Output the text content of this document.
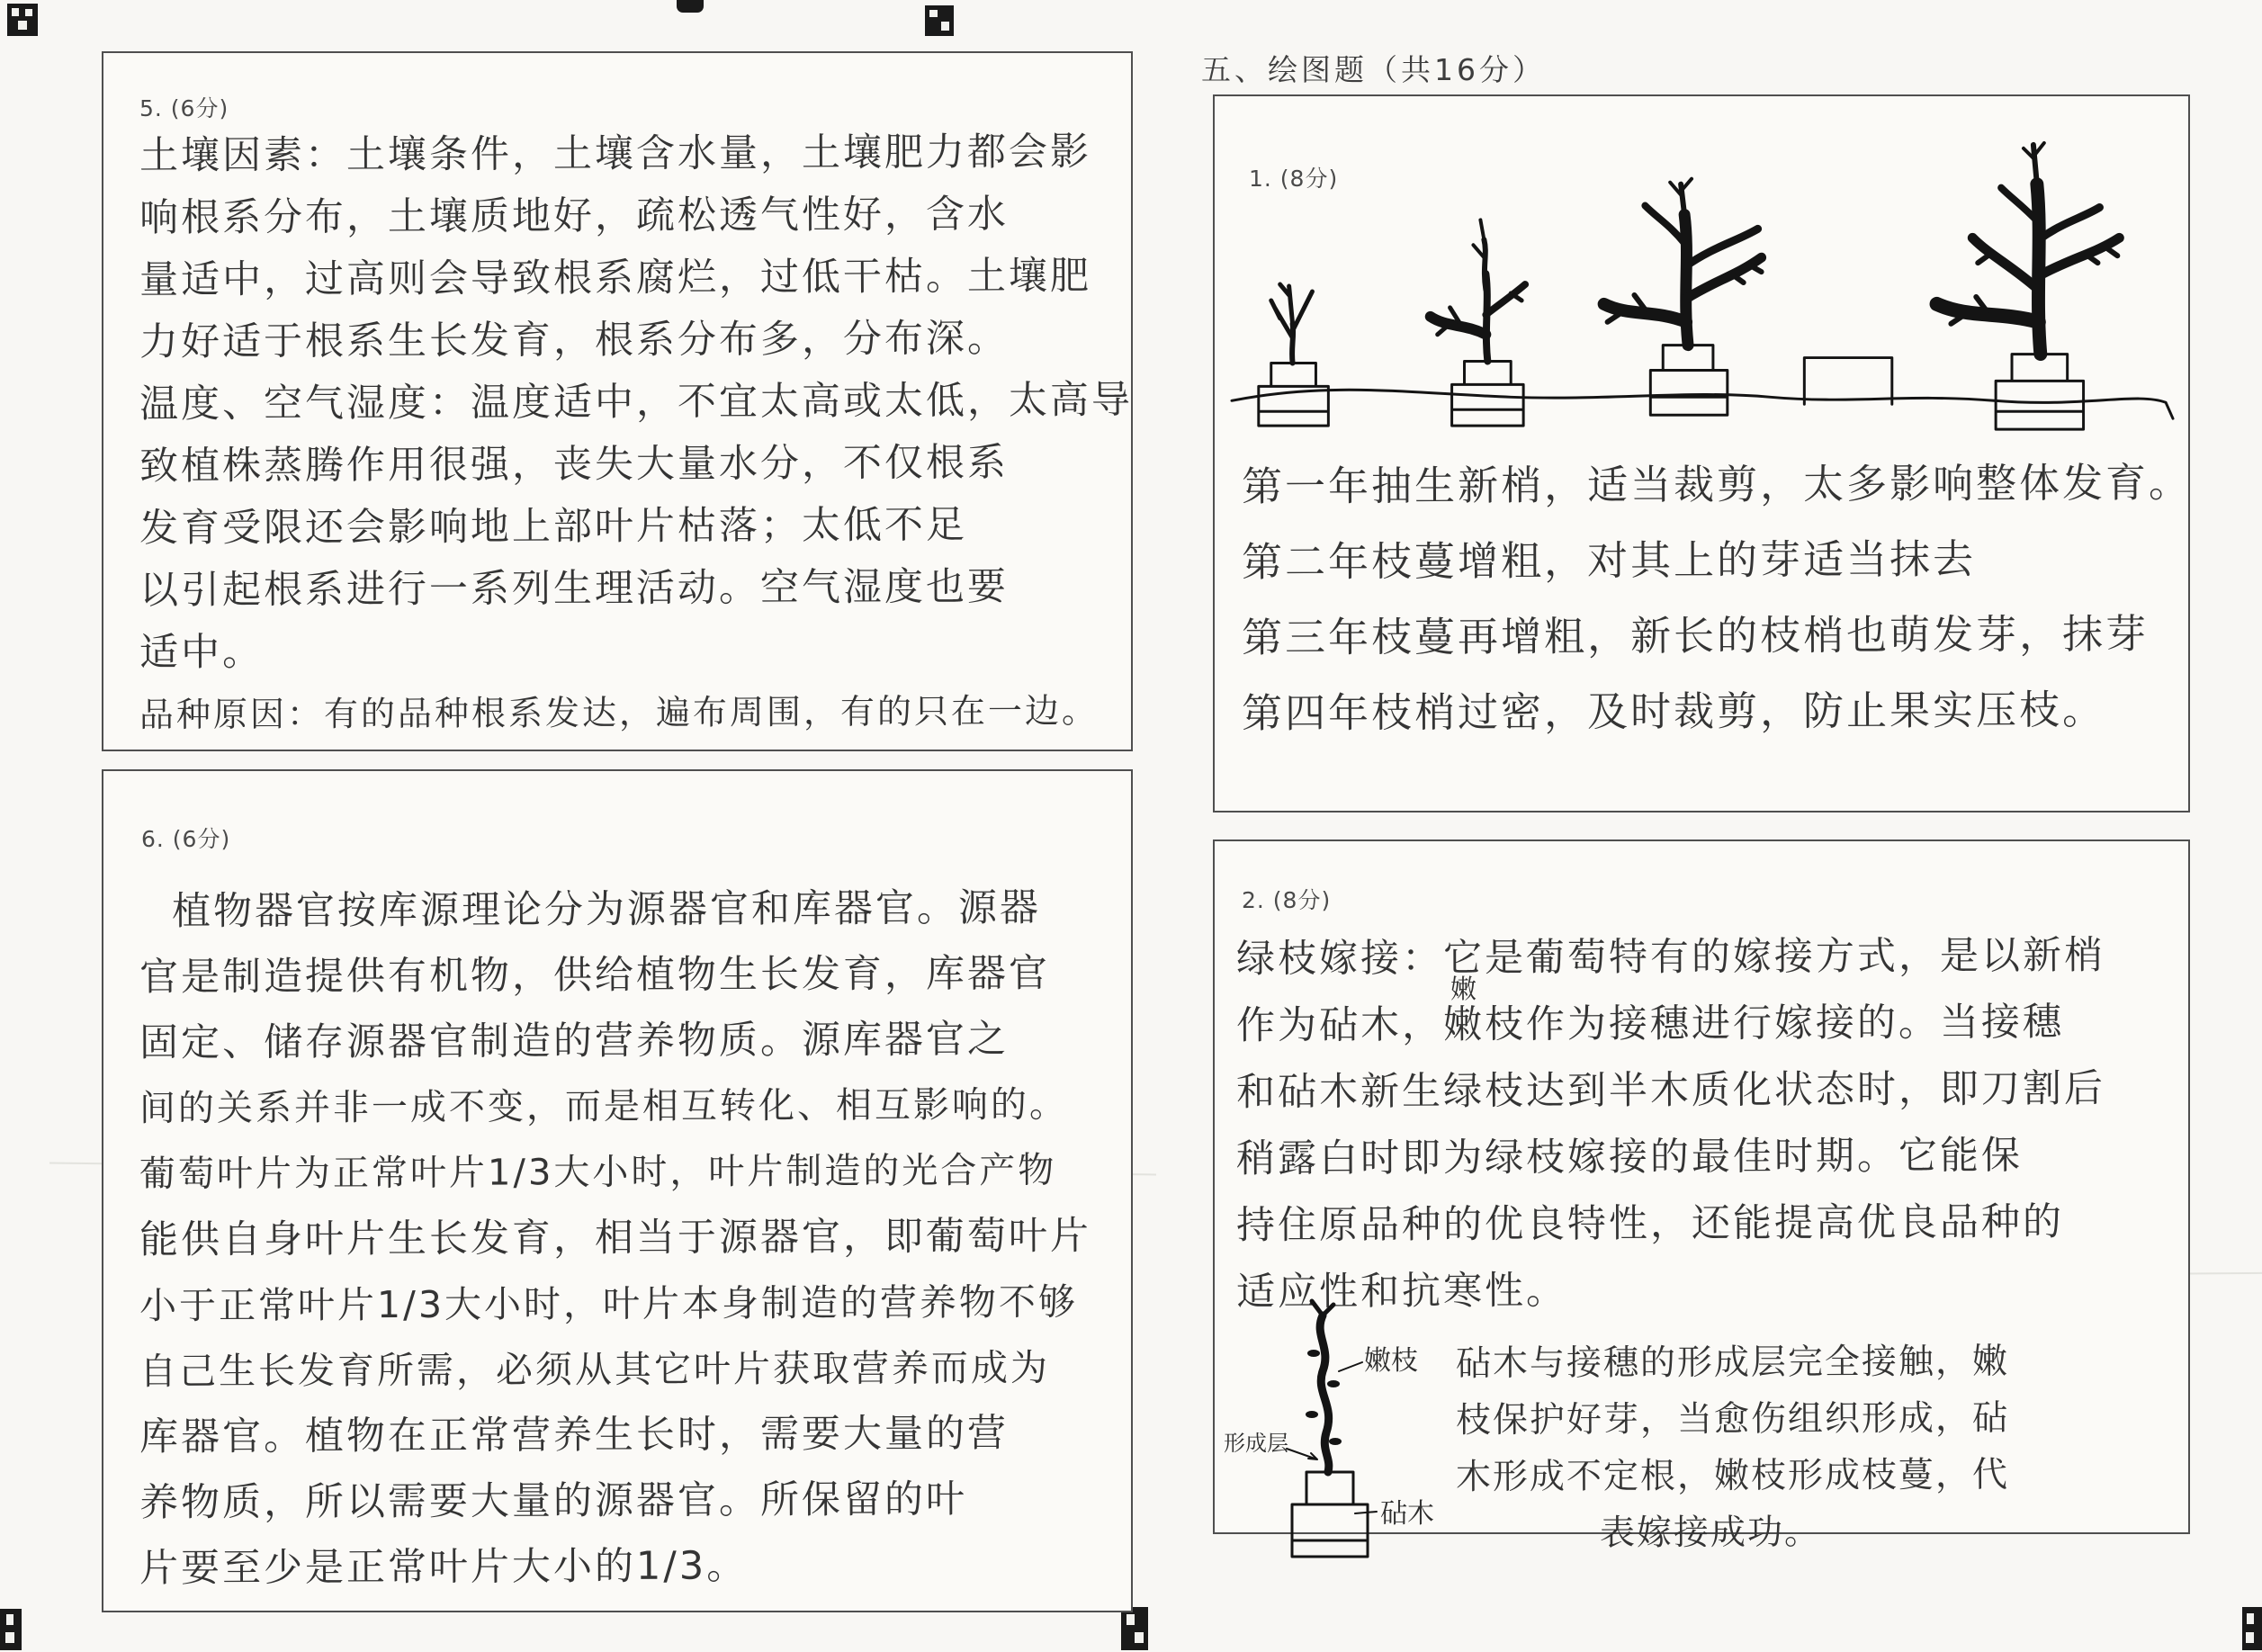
5. (6分)
土壤因素：土壤条件，土壤含水量，土壤肥力都会影
响根系分布，土壤质地好，疏松透气性好，含水
量适中，过高则会导致根系腐烂，过低干枯。土壤肥
力好适于根系生长发育，根系分布多，分布深。
温度、空气湿度：温度适中，不宜太高或太低，太高导
致植株蒸腾作用很强，丧失大量水分，不仅根系
发育受限还会影响地上部叶片枯落；太低不足
以引起根系进行一系列生理活动。空气湿度也要
适中。
品种原因：有的品种根系发达，遍布周围，有的只在一边。
6. (6分)
植物器官按库源理论分为源器官和库器官。源器
官是制造提供有机物，供给植物生长发育，库器官
固定、储存源器官制造的营养物质。源库器官之
间的关系并非一成不变，而是相互转化、相互影响的。
葡萄叶片为正常叶片1/3大小时，叶片制造的光合产物
能供自身叶片生长发育，相当于源器官，即葡萄叶片
小于正常叶片1/3大小时，叶片本身制造的营养物不够
自己生长发育所需，必须从其它叶片获取营养而成为
库器官。植物在正常营养生长时，需要大量的营
养物质，所以需要大量的源器官。所保留的叶
片要至少是正常叶片大小的1/3。
五、绘图题（共16分）
1. (8分)
第一年抽生新梢，适当裁剪，太多影响整体发育。
第二年枝蔓增粗，对其上的芽适当抹去
第三年枝蔓再增粗，新长的枝梢也萌发芽，抹芽
第四年枝梢过密，及时裁剪，防止果实压枝。
2. (8分)
绿枝嫁接：它是葡萄特有的嫁接方式，是以新梢
作为砧木，嫩枝作为接穗进行嫁接的。当接穗
和砧木新生绿枝达到半木质化状态时，即刀割后
稍露白时即为绿枝嫁接的最佳时期。它能保
持住原品种的优良特性，还能提高优良品种的
适应性和抗寒性。
嫩
嫩枝
形成层
砧木
砧木与接穗的形成层完全接触，嫩
枝保护好芽，当愈伤组织形成，砧
木形成不定根，嫩枝形成枝蔓，代
表嫁接成功。
